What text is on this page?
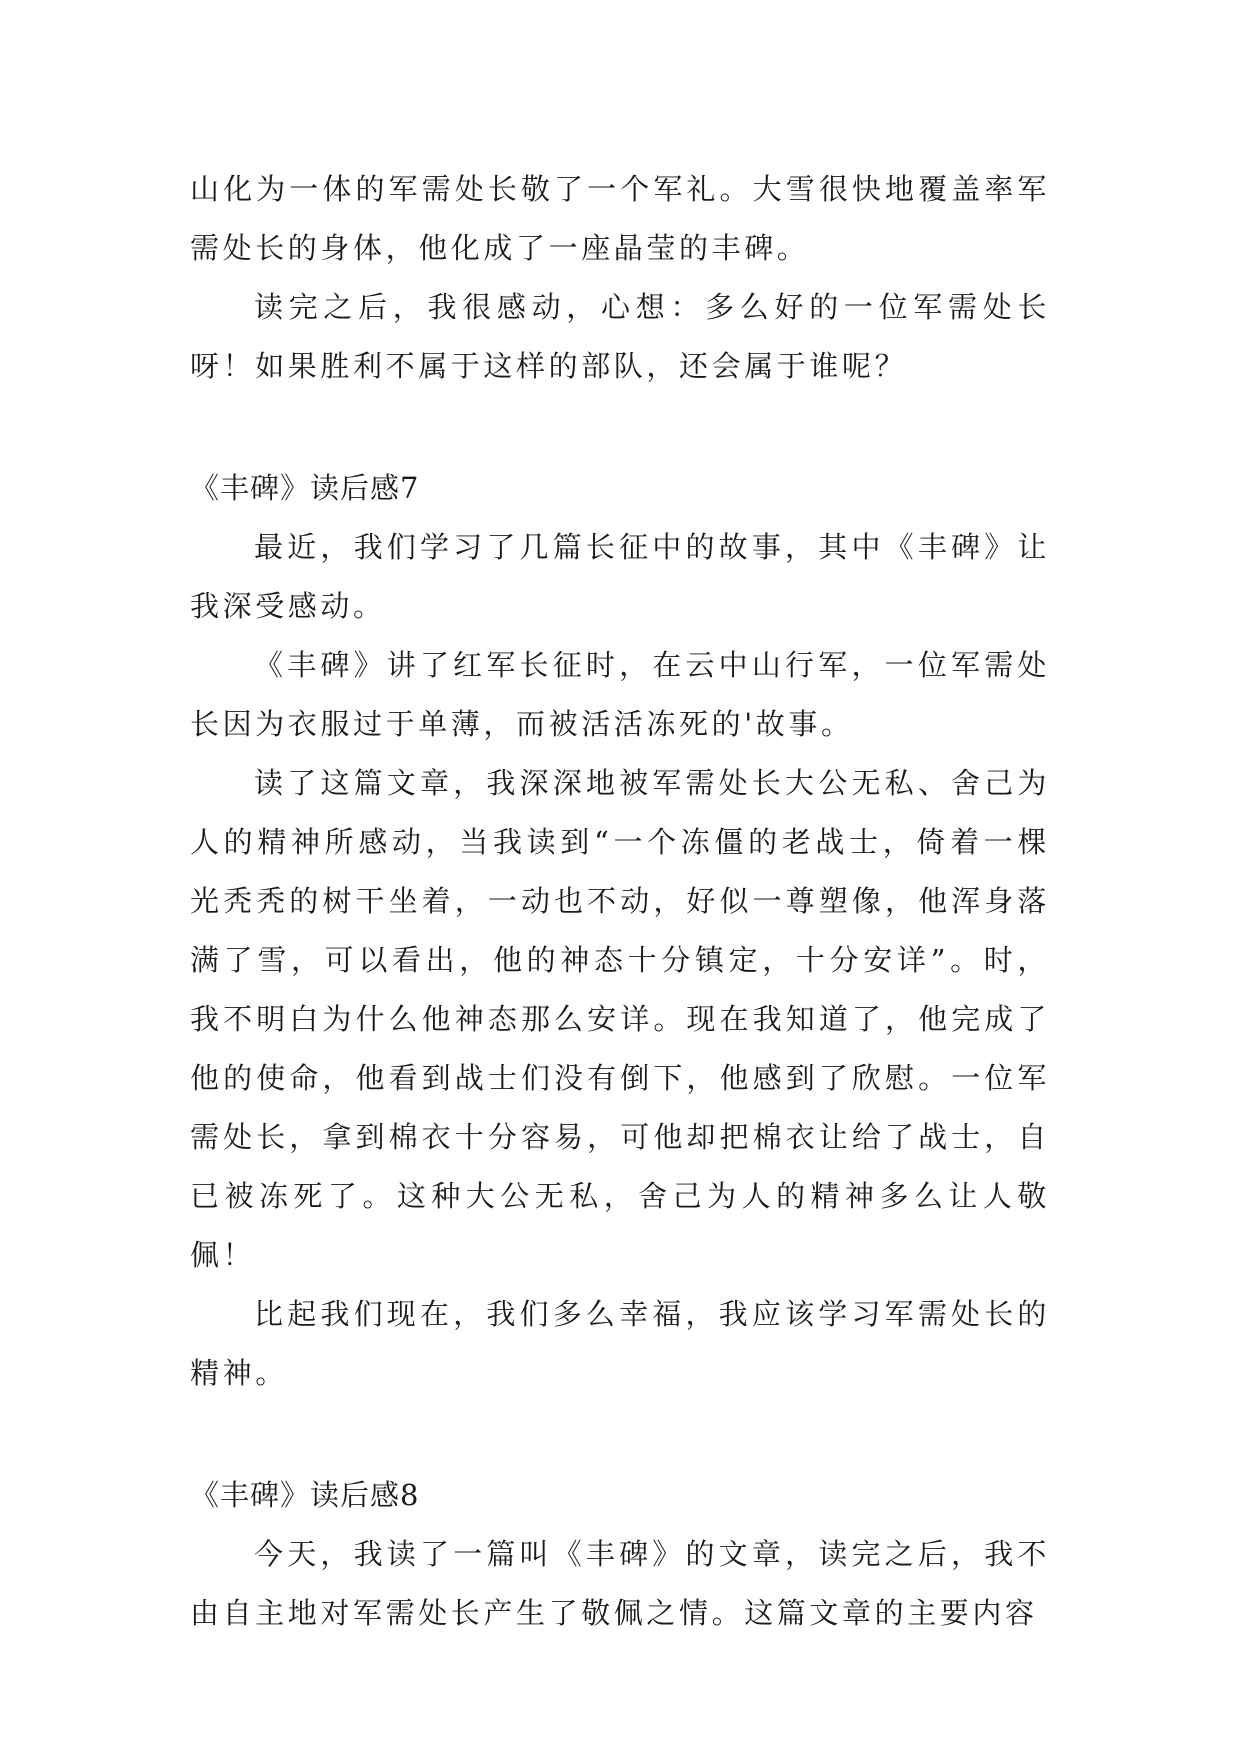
山化为一体的军需处长敬了一个军礼。大雪很快地覆盖率军需处长的身体，他化成了一座晶莹的丰碑。

读完之后，我很感动，心想：多么好的一位军需处长呀！如果胜利不属于这样的部队，还会属于谁呢？

《丰碑》读后感7

最近，我们学习了几篇长征中的故事，其中《丰碑》让我深受感动。

《丰碑》讲了红军长征时，在云中山行军，一位军需处长因为衣服过于单薄，而被活活冻死的'故事。

读了这篇文章，我深深地被军需处长大公无私、舍己为人的精神所感动，当我读到“一个冻僵的老战士，倚着一棵光秃秃的树干坐着，一动也不动，好似一尊塑像，他浑身落满了雪，可以看出，他的神态十分镇定，十分安详”。时，我不明白为什么他神态那么安详。现在我知道了，他完成了他的使命，他看到战士们没有倒下，他感到了欣慰。一位军需处长，拿到棉衣十分容易，可他却把棉衣让给了战士，自已被冻死了。这种大公无私，舍己为人的精神多么让人敬佩！

比起我们现在，我们多么幸福，我应该学习军需处长的精神。

《丰碑》读后感8

今天，我读了一篇叫《丰碑》的文章，读完之后，我不由自主地对军需处长产生了敬佩之情。这篇文章的主要内容
